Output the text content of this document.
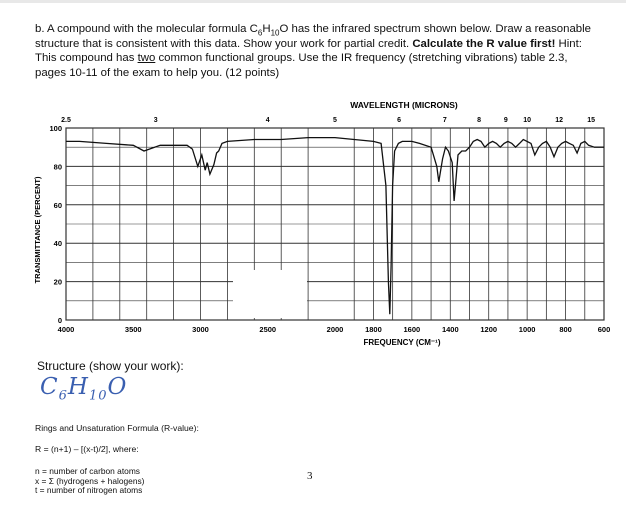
b. A compound with the molecular formula $C_6H_{10}O$ has the infrared spectrum shown below. Draw a reasonable structure that is consistent with this data. Show your work for partial credit. Calculate the R value first! Hint: This compound has two common functional groups. Use the IR frequency (stretching vibrations) table 2.3, pages 10-11 of the exam to help you. (12 points)
WAVELENGTH (MICRONS)
FREQUENCY (CM⁻¹)
TRANSMITTANCE (PERCENT)
4000	3500	3000	2500	2000	1800	1600	1400	1200	1000	800	600
0
20
40
60
80
100
2.5	3	4	5	6	7	8	9 10	12	15
Structure (show your work):
$C_6H_{10}O$
Rings and Unsaturation Formula (R-value):
R = (n+1) – [(x-t)/2], where:
n = number of carbon atoms
x = Σ (hydrogens + halogens)
t = number of nitrogen atoms
3
